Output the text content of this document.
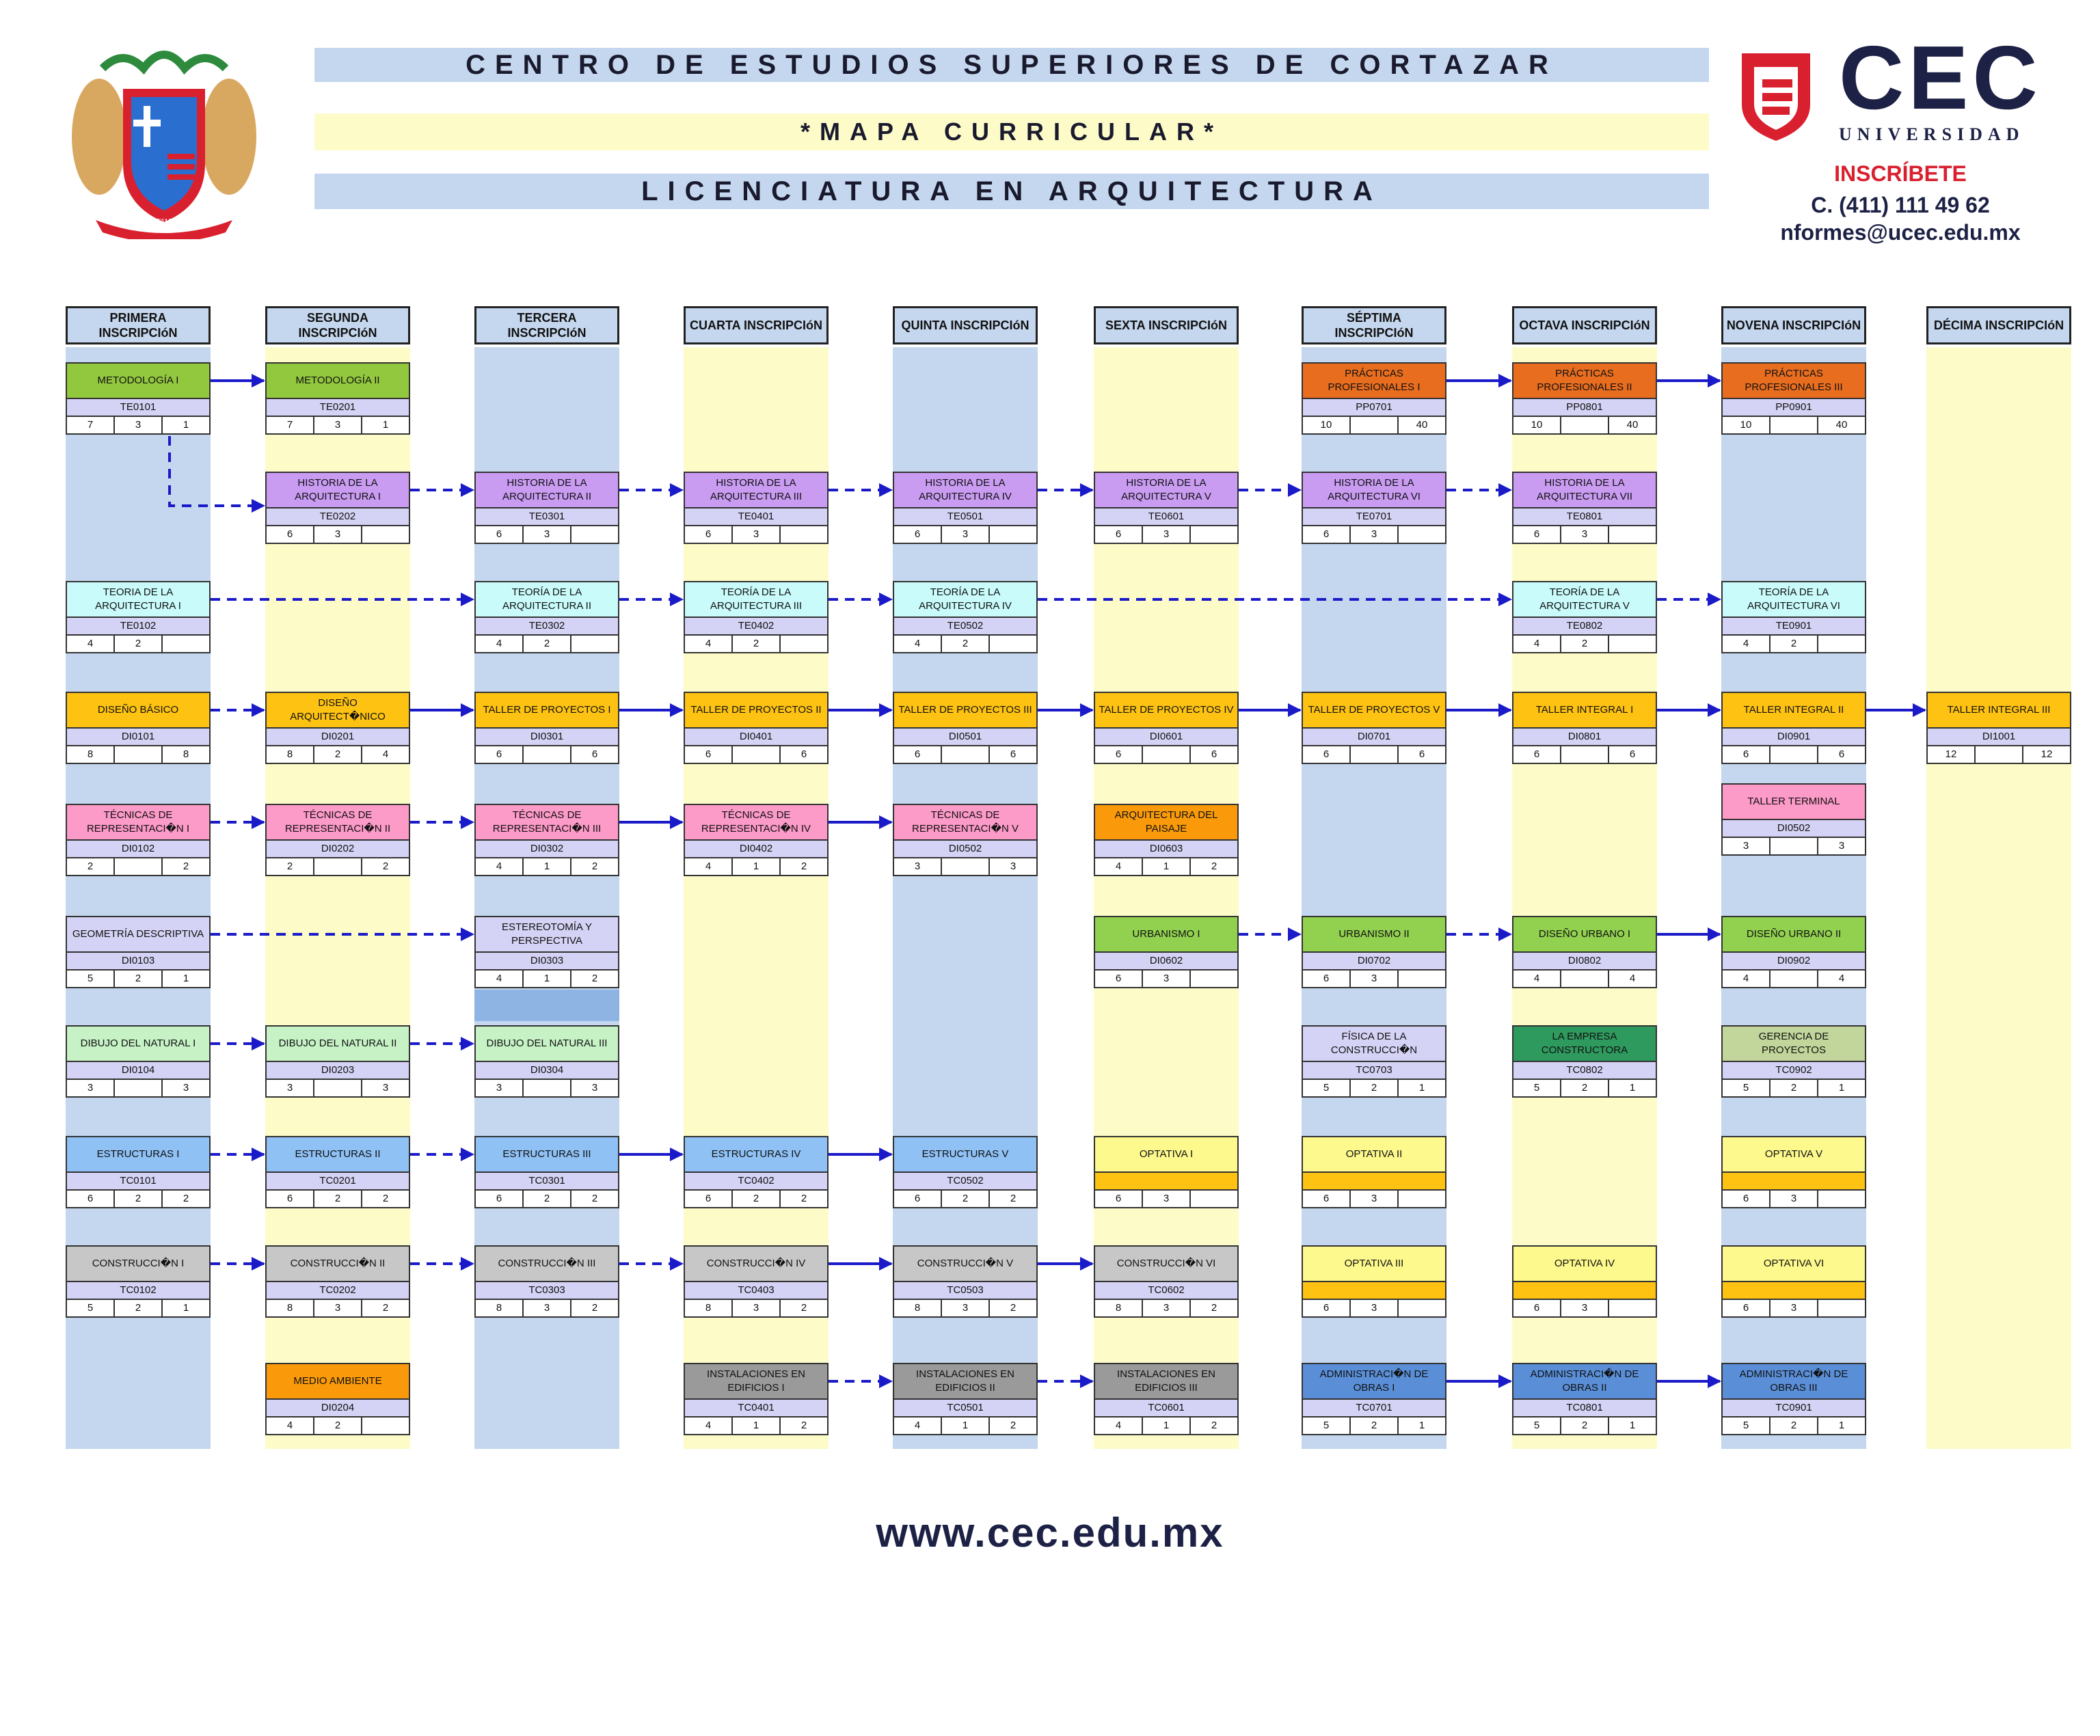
AD VITAM STUDIVM
CENTRO DE ESTUDIOS SUPERIORES DE CORTAZAR
*MAPA CURRICULAR*
LICENCIATURA EN ARQUITECTURA
CEC
UNIVERSIDAD
INSCRÍBETE
C. (411) 111 49 62
nformes@ucec.edu.mx
PRIMERA INSCRIPCIóN
SEGUNDA INSCRIPCIóN
TERCERA INSCRIPCIóN
CUARTA INSCRIPCIóN	QUINTA INSCRIPCIóN	SEXTA INSCRIPCIóN
SÉPTIMA INSCRIPCIóN
OCTAVA INSCRIPCIóN	NOVENA INSCRIPCIóN	DÉCIMA INSCRIPCIóN
METODOLOGÍA I
TE0101
7	3	1
METODOLOGÍA II
TE0201
7	3	1
PRÁCTICAS PROFESIONALES I
PP0701
10	40
PRÁCTICAS PROFESIONALES II
PP0801
10	40
PRÁCTICAS PROFESIONALES III
PP0901
10	40
HISTORIA DE LA ARQUITECTURA I
TE0202
6	3
HISTORIA DE LA ARQUITECTURA II
TE0301
6	3
HISTORIA DE LA ARQUITECTURA III
TE0401
6	3
HISTORIA DE LA ARQUITECTURA IV
TE0501
6	3
HISTORIA DE LA ARQUITECTURA V
TE0601
6	3
HISTORIA DE LA ARQUITECTURA VI
TE0701
6	3
HISTORIA DE LA ARQUITECTURA VII
TE0801
6	3
TEORIA DE LA ARQUITECTURA I
TE0102
4	2
TEORÍA DE LA ARQUITECTURA II
TE0302
4	2
TEORÍA DE LA ARQUITECTURA III
TE0402
4	2
TEORÍA DE LA ARQUITECTURA IV
TE0502
4	2
TEORÍA DE LA ARQUITECTURA V
TE0802
4	2
TEORÍA DE LA ARQUITECTURA VI
TE0901
4	2
DISEÑO BÁSICO
DI0101
8	8
DISEÑO ARQUITECT�NICO
DI0201
8	2	4
TALLER DE PROYECTOS I
DI0301
6	6
TALLER DE PROYECTOS II
DI0401
6	6
TALLER DE PROYECTOS III
DI0501
6	6
TALLER DE PROYECTOS IV
DI0601
6	6
TALLER DE PROYECTOS V
DI0701
6	6
TALLER INTEGRAL I
DI0801
6	6
TALLER INTEGRAL II
DI0901
6	6
TALLER INTEGRAL III
DI1001
12	12
TÉCNICAS DE REPRESENTACI�N I
DI0102
2	2
TÉCNICAS DE REPRESENTACI�N II
DI0202
2	2
TÉCNICAS DE REPRESENTACI�N III
DI0302
4	1	2
TÉCNICAS DE REPRESENTACI�N IV
DI0402
4	1	2
TÉCNICAS DE REPRESENTACI�N V
DI0502
3	3
ARQUITECTURA DEL PAISAJE
DI0603
4	1	2
TALLER TERMINAL
DI0502
3	3
GEOMETRÍA DESCRIPTIVA
DI0103
5	2	1
ESTEREOTOMÍA Y PERSPECTIVA
DI0303
4	1	2
URBANISMO I
DI0602
6	3
URBANISMO II
DI0702
6	3
DISEÑO URBANO I
DI0802
4	4
DISEÑO URBANO II
DI0902
4	4
DIBUJO DEL NATURAL I
DI0104
3	3
DIBUJO DEL NATURAL II
DI0203
3	3
DIBUJO DEL NATURAL III
DI0304
3	3
FÍSICA DE LA CONSTRUCCI�N
TC0703
5	2	1
LA EMPRESA CONSTRUCTORA
TC0802
5	2	1
GERENCIA DE PROYECTOS
TC0902
5	2	1
ESTRUCTURAS I
TC0101
6	2	2
ESTRUCTURAS II
TC0201
6	2	2
ESTRUCTURAS III
TC0301
6	2	2
ESTRUCTURAS IV
TC0402
6	2	2
ESTRUCTURAS V
TC0502
6	2	2
OPTATIVA I
6	3
OPTATIVA II
6	3
OPTATIVA V
6	3
CONSTRUCCI�N I
TC0102
5	2	1
CONSTRUCCI�N II
TC0202
8	3	2
CONSTRUCCI�N III
TC0303
8	3	2
CONSTRUCCI�N IV
TC0403
8	3	2
CONSTRUCCI�N V
TC0503
8	3	2
CONSTRUCCI�N VI
TC0602
8	3	2
OPTATIVA III
6	3
OPTATIVA IV
6	3
OPTATIVA VI
6	3
MEDIO AMBIENTE
DI0204
4	2
INSTALACIONES EN EDIFICIOS I
TC0401
4	1	2
INSTALACIONES EN EDIFICIOS II
TC0501
4	1	2
INSTALACIONES EN EDIFICIOS III
TC0601
4	1	2
ADMINISTRACI�N DE OBRAS I
TC0701
5	2	1
ADMINISTRACI�N DE OBRAS II
TC0801
5	2	1
ADMINISTRACI�N DE OBRAS III
TC0901
5	2	1
www.cec.edu.mx
